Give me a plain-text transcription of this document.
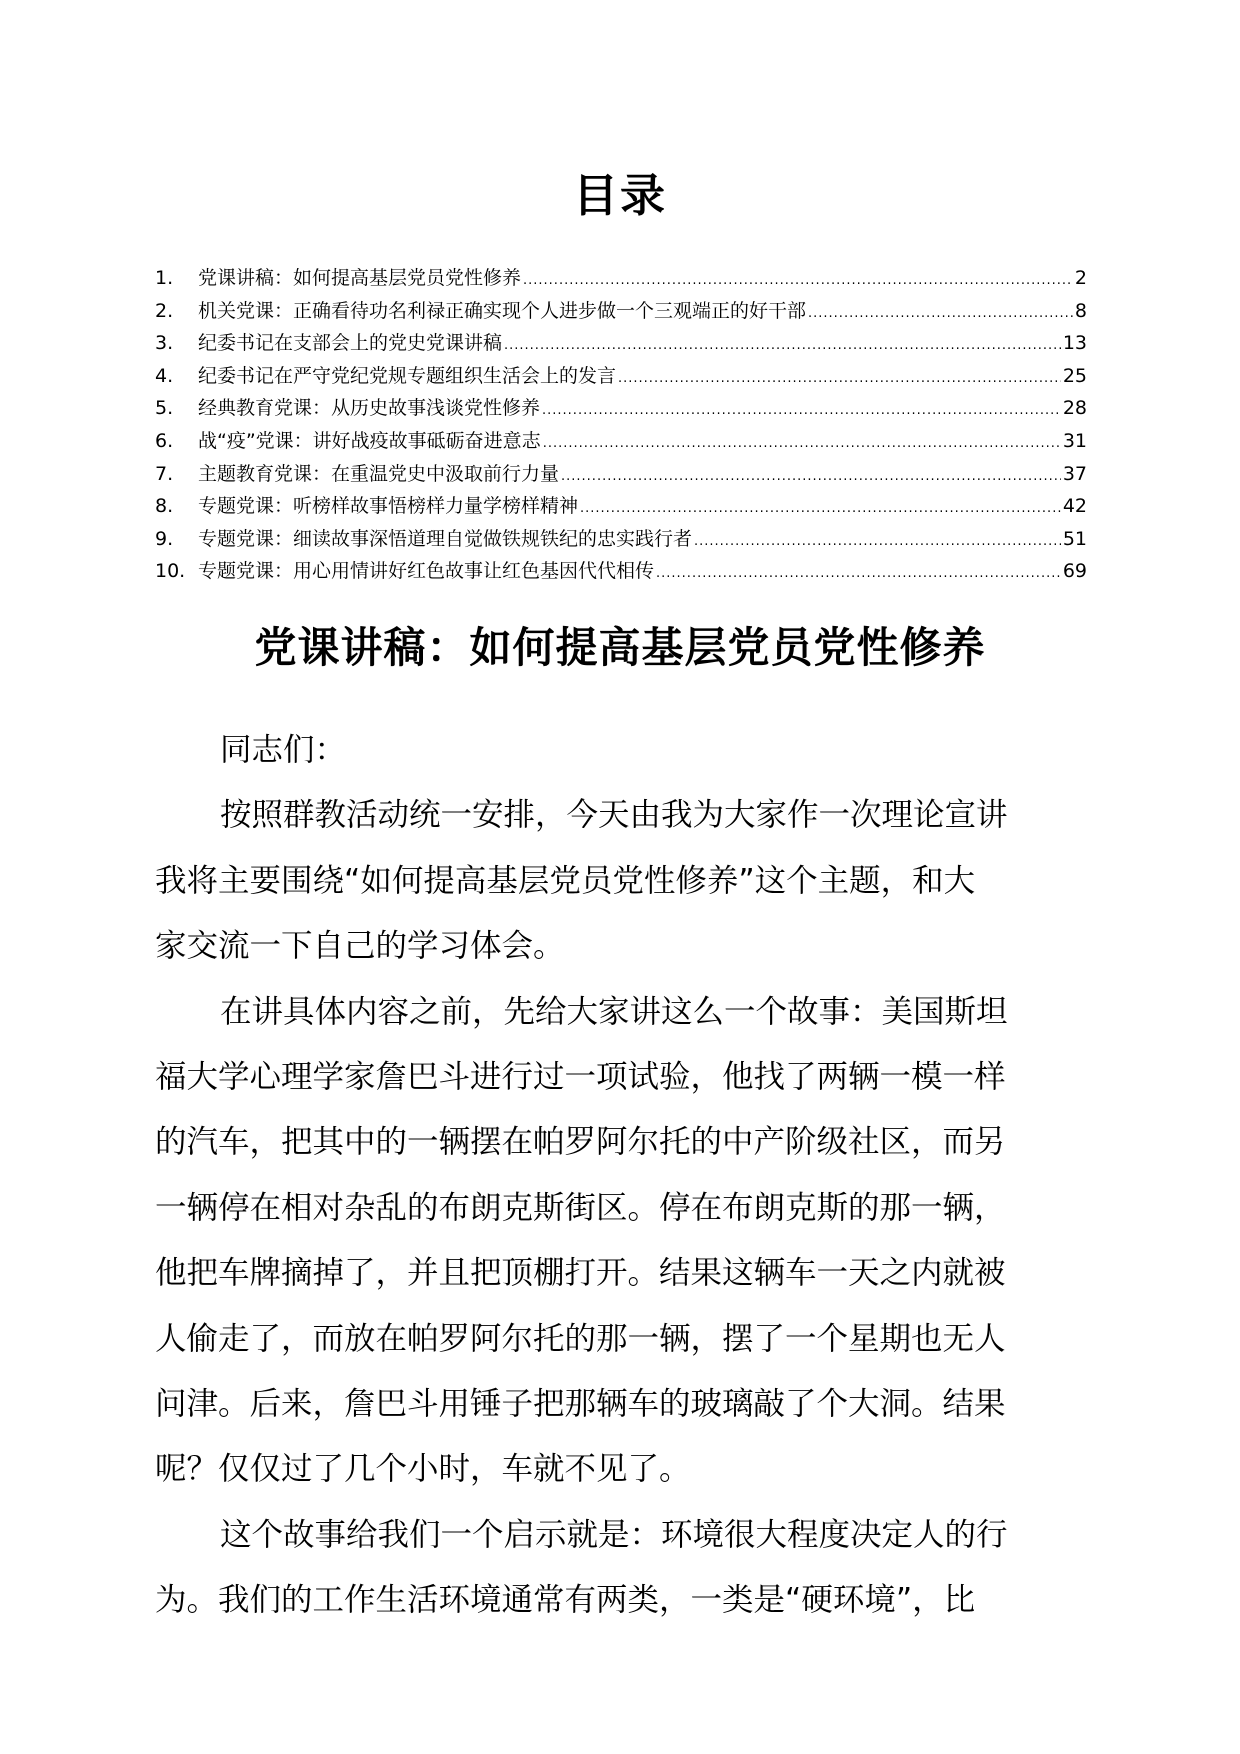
目录
1.	党课讲稿：如何提高基层党员党性修养 .....	2
2.	机关党课：正确看待功名利禄正确实现个人进步做一个三观端正的好干部 .....	8
3.	纪委书记在支部会上的党史党课讲稿 .....	13
4.	纪委书记在严守党纪党规专题组织生活会上的发言 .....	25
5.	经典教育党课：从历史故事浅谈党性修养 .....	28
6.	战“疫”党课：讲好战疫故事砥砺奋进意志 .....	31
7.	主题教育党课：在重温党史中汲取前行力量 .....	37
8.	专题党课：听榜样故事悟榜样力量学榜样精神 .....	42
9.	专题党课：细读故事深悟道理自觉做铁规铁纪的忠实践行者 .....	51
10. 专题党课：用心用情讲好红色故事让红色基因代代相传 .....	69
党课讲稿：如何提高基层党员党性修养
同志们：
按照群教活动统一安排，今天由我为大家作一次理论宣讲
我将主要围绕“如何提高基层党员党性修养”这个主题，和大
家交流一下自己的学习体会。
在讲具体内容之前，先给大家讲这么一个故事：美国斯坦
福大学心理学家詹巴斗进行过一项试验，他找了两辆一模一样
的汽车，把其中的一辆摆在帕罗阿尔托的中产阶级社区，而另
一辆停在相对杂乱的布朗克斯街区。停在布朗克斯的那一辆，
他把车牌摘掉了，并且把顶棚打开。结果这辆车一天之内就被
人偷走了，而放在帕罗阿尔托的那一辆，摆了一个星期也无人
问津。后来，詹巴斗用锤子把那辆车的玻璃敲了个大洞。结果
呢？仅仅过了几个小时，车就不见了。
这个故事给我们一个启示就是：环境很大程度决定人的行
为。我们的工作生活环境通常有两类，一类是“硬环境”，比
